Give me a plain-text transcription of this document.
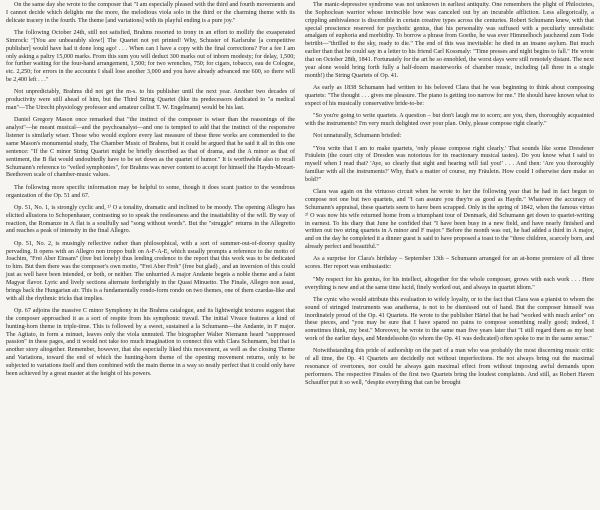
On the same day she wrote to the composer that "I am especially pleased with the third and fourth movements and I cannot decide which delights me the more, the melodious viola solo in the third or the charming theme with its delicate tracery in the fourth. The theme [and variations] with its playful ending is a pure joy."

The following October 24th, still not satisfied, Brahms resorted to irony in an effort to mollify the exasperated Simrock: "[You are unbearably slow!] The Quartet not yet printed! Why, Schuster of Karlsruhe [a competitive publisher] would have had it done long ago! . . . When can I have a copy with the final corrections? For a fee I am only asking a paltry 15,000 marks. From this sum you will deduct 300 marks out of inborn modesty; for delay, 1,500; for further waiting for the four-hand arrangement, 1,500; for two wrenches, 750; for cigars, tobacco, eau de Cologne, etc. 2,250; for errors in the accounts I shall lose another 3,000 and you have already advanced me 600, so there will be 2,400 left . . ."

Not unpredictably, Brahms did not get the m-s. to his publisher until the next year. Another two decades of productivity were still ahead of him, but the Third String Quartet (like its predecessors dedicated to "a medical man"—The Utrecht physiology professor and amateur cellist T. W. Engelmann) would be his last.

Daniel Gregory Mason once remarked that "the instinct of the composer is wiser than the reasonings of the analyst"—he meant musical—and the psychoanalyst—and one is tempted to add that the instinct of the responsive listener is similarly wiser. Those who would explore every last measure of these three works are commended to the same Mason's monumental study, The Chamber Music of Brahms, but it could be argued that he said it all in this one sentence: "If the C minor String Quartet might be briefly described as that of drama, and the A minor as that of sentiment, the B flat would undoubtedly have to be set down as the quartet of humor." It is worthwhile also to recall Schumann's reference to "veiled symphonies", for Brahms was never content to accept for himself the Haydn-Mozart-Beethoven scale of chamber-music values.

The following more specific information may be helpful to some, though it does scant justice to the wondrous organization of the Op. 51 and 67.

Op. 51, No. 1, is strongly cyclic and, ²⁾ O a tonality, dramatic and inclined to be moody. The opening Allegro has elicited allusions to Schopenhauer, contrasting so to speak the restlessness and the insatiability of the will. By way of reaction, the Romanze in A flat is a soulfully sad "song without words". But the "struggle" returns in the Allegretto and reaches a peak of intensity in the final Allegro.

Op. 51, No. 2, is musingly reflective rather than philosophical, with a sort of summer-out-of-doorsy quality pervading. It opens with an Allegro non troppo built on A-F-A-E, which usually prompts a reference to the motto of Joachim, "Frei Aber Einsam" (free but lonely) thus lending credence to the report that this work was to be dedicated to him. But then there was the composer's own motto, "Frei Aber Froh" (free but glad) , and an inversion of this could just as well have been intended, or both, or neither. The unhurried A major Andante begets a noble theme and a faint Magyar flavor. Lyric and lively sections alternate forthrightly in the Quasi Minuetto. The Finale, Allegro non assai, brings back the Hungarian air. This is a fundamentally rondo-form rondo on two themes, one of them czardas-like and with all the rhythmic tricks that implies.

Op. 67 adjoins the massive C minor Symphony in the Brahms catalogue, and its lightweight textures suggest that the composer approached it as a sort of respite from his symphonic travail. The initial Vivace features a kind of hunting-horn theme in triple-time. This is followed by a sweet, sustained a la Schumann—the Andante, in F major. The Agitato, in form a minuet, leaves only the viola unmuted. The biographer Walter Niemann heard "suppressed passion" in these pages, and it would not take too much imagination to connect this with Clara Schumann, but that is another story altogether. Remember, however, that she especially liked this movement, as well as the closing Theme and Variations, toward the end of which the hunting-horn theme of the opening movement returns, only to be subjected to variations itself and then combined with the main theme in a way so neatly perfect that it could only have been achieved by a great master at the height of his powers.

The manic-depressive syndrome was not unknown in earliest antiquity. One remembers the plight of Philoctetes, the Sophoclean warrior whose invincible bow was canceled out by an incurable affliction. Less allegorically, a crippling ambivalence is discernible in certain creative types across the centuries. Robert Schumann knew, with that special prescience reserved for psychotic genius, that his personality was suffused with a peculiarly unrealistic amalgam of euphoria and morbidity. To borrow a phrase from Goethe, he was ever Himmelhoch jauchzend zum Tode betrübt—"thrilled to the sky, ready to die." The end of this was inevitable: he died in an insane asylum. But much earlier than that he could say in a letter to his friend Carl Kossmaly: "Time presses and night begins to fall." He wrote that on October 28th, 1841. Fortunately for the art he so ennobled, the worst days were still remotely distant. The next year alone would bring forth fully a half-dozen masterworks of chamber music, including (all three in a single month!) the String Quartets of Op. 41.

As early as 1838 Schumann had written to his beloved Clara that he was beginning to think about composing quartets: "The thought . . . gives me pleasure. The piano is getting too narrow for me." He should have known what to expect of his musically conservative bride-to-be:

"So you're going to write quartets. A question – but don't laugh me to scorn; are you, then, thoroughly acquainted with the instruments? I'm very much delighted over your plan. Only, please compose right clearly."

Not unnaturally, Schumann bristled:

"You write that I am to make quartets, 'only please compose right clearly.' That sounds like some Dresdener Fräulein (the court city of Dresden was notorious for its reactionary musical tastes). Do you know what I said to myself when I read that? 'Aye, so clearly that sight and hearing will fail you!' . . . And then: 'Are you thoroughly familiar with all the instruments?' Why, that's a matter of course, my Fräulein. How could I otherwise dare make so bold?"

Clara was again on the virtuoso circuit when he wrote to her the following year that he had in fact begun to compose not one but two quartets, and "I can assure you they're as good as Haydn." Whatever the accuracy of Schumann's appraisal, these quartets seem to have been scrapped. Only in the spring of 1842, when the famous virtuo ²⁾ O was now his wife returned home from a triumphant tour of Denmark, did Schumann get down to quartet-writing in earnest. To his diary that June he confided that "I have been busy in a new field, and have nearly finished and written out two string quartets in A minor and F major." Before the month was out, he had added a third in A major, and on the day he completed it a dinner guest is said to have proposed a toast to the "three children, scarcely born, and already perfect and beautiful."

As a surprise for Clara's birthday – September 13th – Schumann arranged for an at-home premiere of all three scores. Her report was enthusiastic:

"My respect for his genius, for his intellect, altogether for the whole composer, grows with each work . . . Here everything is new and at the same time lucid, finely worked out, and always in quartet idiom."

The cynic who would attribute this evaluation to wifely loyalty, or to the fact that Clara was a pianist to whom the sound of stringed instruments was anathema, is not to be dismissed out of hand. But the composer himself was inordinately proud of the Op. 41 Quartets. He wrote to the publisher Härtel that he had "worked with much ardor" on these pieces, and "you may be sure that I have spared no pains to compose something really good; indeed, I sometimes think, my best." Moreover, he wrote to the same man five years later that "I still regard them as my best work of the earlier days, and Mendelssohn (to whom the Op. 41 was dedicated) often spoke to me in the same sense."

Notwithstanding this pride of authorship on the part of a man who was probably the most discerning music critic of all time, the Op. 41 Quartets are decidedly not without imperfections. He not always bring out the maximal resonance of overtones, nor could he always gain maximal effect from without imposing awful demands upon performers. The respective Finales of the first two Quartets bring the loudest complaints. And still, as Robert Haven Schauffer put it so well, "despite everything that can be brought
